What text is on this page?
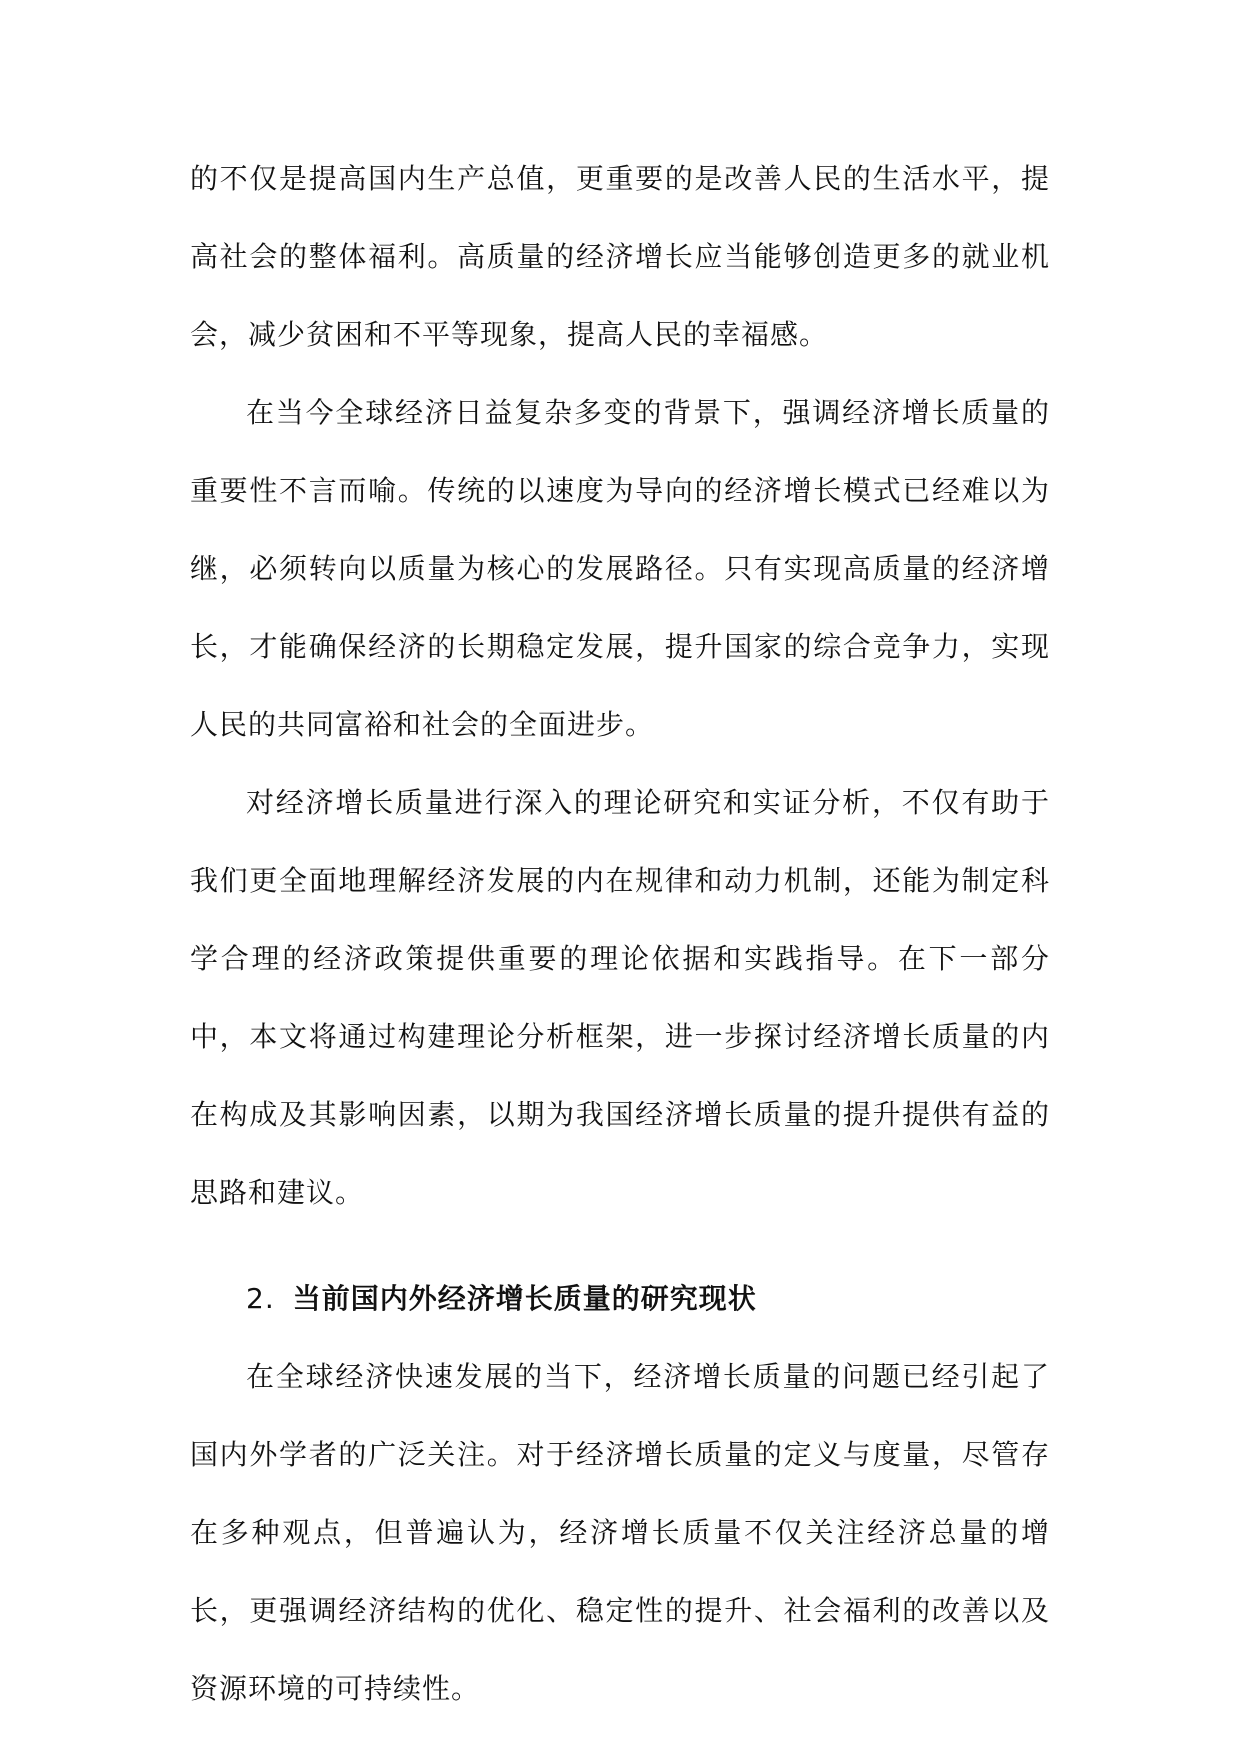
的不仅是提高国内生产总值，更重要的是改善人民的生活水平，提高社会的整体福利。高质量的经济增长应当能够创造更多的就业机会，减少贫困和不平等现象，提高人民的幸福感。

在当今全球经济日益复杂多变的背景下，强调经济增长质量的重要性不言而喻。传统的以速度为导向的经济增长模式已经难以为继，必须转向以质量为核心的发展路径。只有实现高质量的经济增长，才能确保经济的长期稳定发展，提升国家的综合竞争力，实现人民的共同富裕和社会的全面进步。

对经济增长质量进行深入的理论研究和实证分析，不仅有助于我们更全面地理解经济发展的内在规律和动力机制，还能为制定科学合理的经济政策提供重要的理论依据和实践指导。在下一部分中，本文将通过构建理论分析框架，进一步探讨经济增长质量的内在构成及其影响因素，以期为我国经济增长质量的提升提供有益的思路和建议。

2. 当前国内外经济增长质量的研究现状

在全球经济快速发展的当下，经济增长质量的问题已经引起了国内外学者的广泛关注。对于经济增长质量的定义与度量，尽管存在多种观点，但普遍认为，经济增长质量不仅关注经济总量的增长，更强调经济结构的优化、稳定性的提升、社会福利的改善以及资源环境的可持续性。
